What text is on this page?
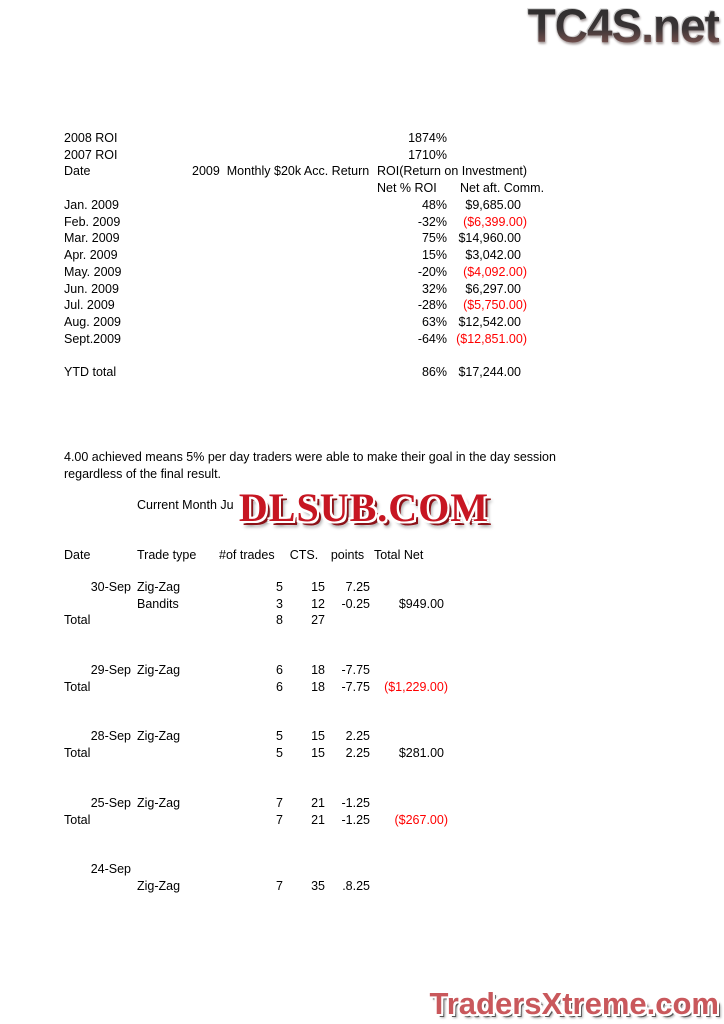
TC4S.net
2008 ROI	1874%
2007 ROI	1710%
Date	2009  Monthly $20k Acc. Return ROI(Return on Investment)
Net % ROI Net aft. Comm.
Jan. 2009	48%	$9,685.00
Feb. 2009	-32%	($6,399.00)
Mar. 2009	75% $14,960.00
Apr. 2009	15%	$3,042.00
May. 2009	-20%	($4,092.00)
Jun. 2009	32%	$6,297.00
Jul. 2009	-28%	($5,750.00)
Aug. 2009	63% $12,542.00
Sept.2009	-64% ($12,851.00)
YTD total	86% $17,244.00
4.00 achieved means 5% per day traders were able to make their goal in the day session
regardless of the final result.
Current Month Ju DLSUB.COM
Date	Trade type	#of trades	CTS.	points Total Net
30-Sep Zig-Zag	5	15	7.25
Bandits	3	12	-0.25	$949.00
Total	8	27
29-Sep Zig-Zag	6	18	-7.75
Total	6	18	-7.75	($1,229.00)
28-Sep Zig-Zag	5	15	2.25
Total	5	15	2.25	$281.00
25-Sep Zig-Zag	7	21	-1.25
Total	7	21	-1.25	($267.00)
24-Sep
Zig-Zag	7	35	.8.25
TradersXtreme.com
